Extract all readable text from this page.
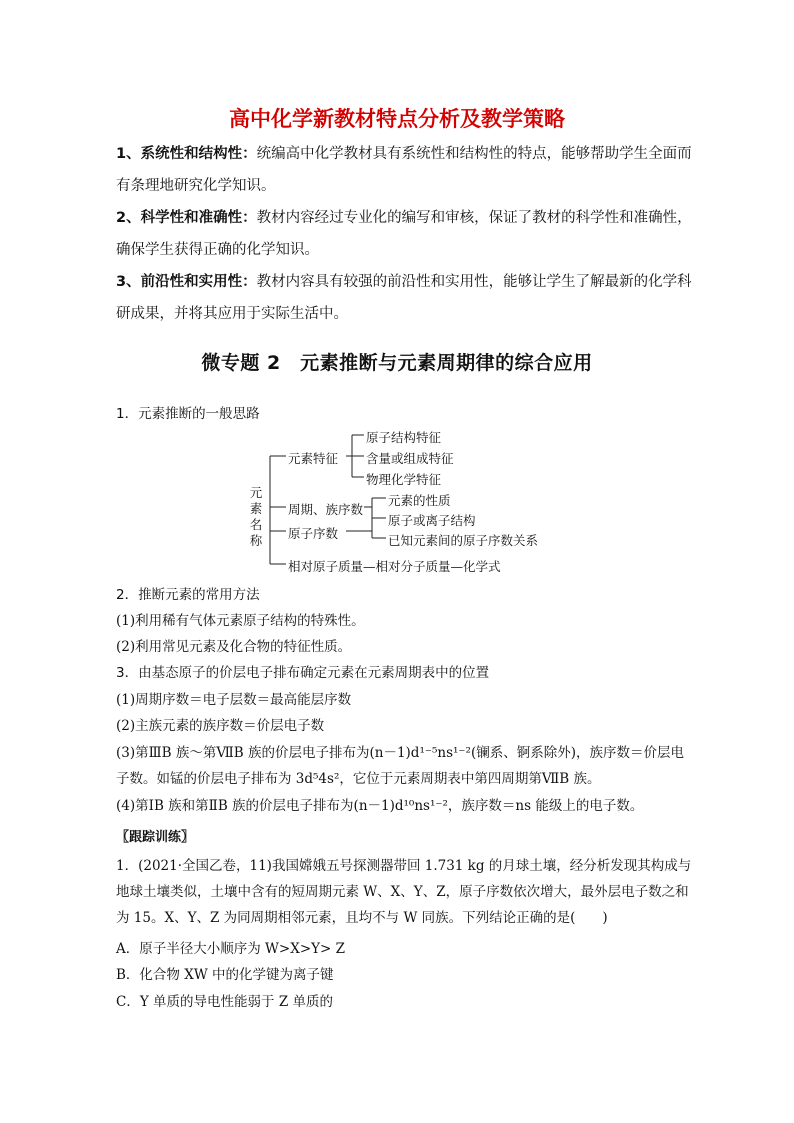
高中化学新教材特点分析及教学策略
1、系统性和结构性：统编高中化学教材具有系统性和结构性的特点，能够帮助学生全面而有条理地研究化学知识。
2、科学性和准确性：教材内容经过专业化的编写和审核，保证了教材的科学性和准确性，确保学生获得正确的化学知识。
3、前沿性和实用性：教材内容具有较强的前沿性和实用性，能够让学生了解最新的化学科研成果，并将其应用于实际生活中。
微专题 2　元素推断与元素周期律的综合应用
1．元素推断的一般思路
元
素
名
称
元素特征
原子结构特征
含量或组成特征
物理化学特征
周期、族序数
原子序数
元素的性质
原子或离子结构
已知元素间的原子序数关系
相对原子质量—相对分子质量—化学式
2．推断元素的常用方法
(1)利用稀有气体元素原子结构的特殊性。
(2)利用常见元素及化合物的特征性质。
3．由基态原子的价层电子排布确定元素在元素周期表中的位置
(1)周期序数＝电子层数＝最高能层序数
(2)主族元素的族序数＝价层电子数
(3)第ⅢB 族～第ⅦB 族的价层电子排布为(n－1)d¹⁻⁵ns¹⁻²(镧系、锕系除外)，族序数＝价层电
子数。如锰的价层电子排布为 3d⁵4s²，它位于元素周期表中第四周期第ⅦB 族。
(4)第ⅠB 族和第ⅡB 族的价层电子排布为(n－1)d¹⁰ns¹⁻²，族序数＝ns 能级上的电子数。
〖跟踪训练〗
1．(2021·全国乙卷，11)我国嫦娥五号探测器带回 1.731 kg 的月球土壤，经分析发现其构成与地球土壤类似，土壤中含有的短周期元素 W、X、Y、Z，原子序数依次增大，最外层电子数之和为 15。X、Y、Z 为同周期相邻元素，且均不与 W 同族。下列结论正确的是(　　)
A．原子半径大小顺序为 W>X>Y> Z
B．化合物 XW 中的化学键为离子键
C．Y 单质的导电性能弱于 Z 单质的
